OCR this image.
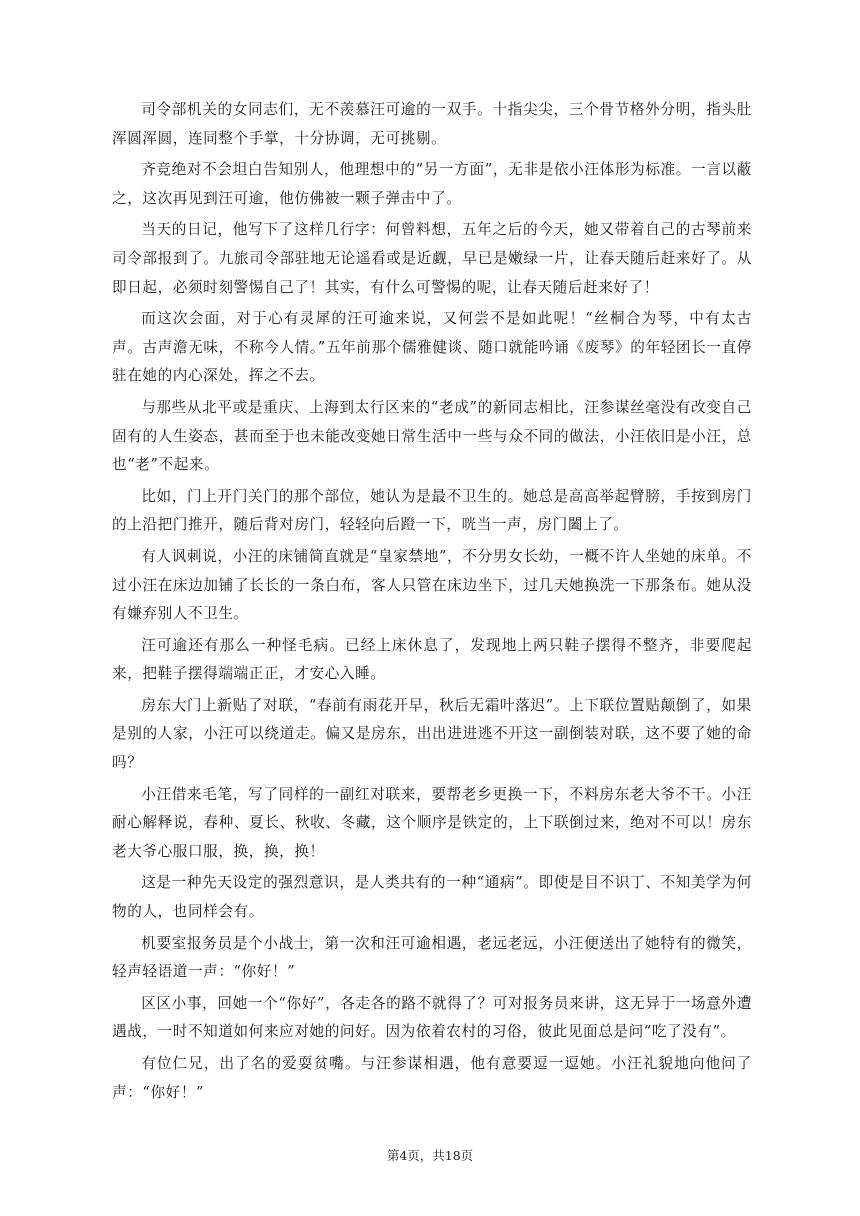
司令部机关的女同志们，无不羡慕汪可逾的一双手。十指尖尖，三个骨节格外分明，指头肚浑圆浑圆，连同整个手掌，十分协调，无可挑剔。

齐竞绝对不会坦白告知别人，他理想中的“另一方面”，无非是依小汪体形为标准。一言以蔽之，这次再见到汪可逾，他仿佛被一颗子弹击中了。

当天的日记，他写下了这样几行字：何曾料想，五年之后的今天，她又带着自己的古琴前来司令部报到了。九旅司令部驻地无论遥看或是近觑，早已是嫩绿一片，让春天随后赶来好了。从即日起，必须时刻警惕自己了！其实，有什么可警惕的呢，让春天随后赶来好了！

而这次会面，对于心有灵犀的汪可逾来说，又何尝不是如此呢！“丝桐合为琴，中有太古声。古声澹无味，不称今人情。”五年前那个儒雅健谈、随口就能吟诵《废琴》的年轻团长一直停驻在她的内心深处，挥之不去。

与那些从北平或是重庆、上海到太行区来的“老成”的新同志相比，汪参谋丝毫没有改变自己固有的人生姿态，甚而至于也未能改变她日常生活中一些与众不同的做法，小汪依旧是小汪，总也“老”不起来。

比如，门上开门关门的那个部位，她认为是最不卫生的。她总是高高举起臂膀，手按到房门的上沿把门推开，随后背对房门，轻轻向后蹬一下，咣当一声，房门闔上了。

有人讽刺说，小汪的床铺简直就是“皇家禁地”，不分男女长幼，一概不许人坐她的床单。不过小汪在床边加铺了长长的一条白布，客人只管在床边坐下，过几天她换洗一下那条布。她从没有嫌弃别人不卫生。

汪可逾还有那么一种怪毛病。已经上床休息了，发现地上两只鞋子摆得不整齐，非要爬起来，把鞋子摆得端端正正，才安心入睡。

房东大门上新贴了对联，“春前有雨花开早，秋后无霜叶落迟”。上下联位置贴颠倒了，如果是别的人家，小汪可以绕道走。偏又是房东，出出进进逃不开这一副倒装对联，这不要了她的命吗？

小汪借来毛笔，写了同样的一副红对联来，要帮老乡更换一下，不料房东老大爷不干。小汪耐心解释说，春种、夏长、秋收、冬藏，这个顺序是铁定的，上下联倒过来，绝对不可以！房东老大爷心服口服，换，换，换！

这是一种先天设定的强烈意识，是人类共有的一种“通病”。即使是目不识丁、不知美学为何物的人，也同样会有。

机要室报务员是个小战士，第一次和汪可逾相遇，老远老远，小汪便送出了她特有的微笑，轻声轻语道一声：“你好！”

区区小事，回她一个“你好”，各走各的路不就得了？可对报务员来讲，这无异于一场意外遭遇战，一时不知道如何来应对她的问好。因为依着农村的习俗，彼此见面总是问“吃了没有”。

有位仁兄，出了名的爱耍贫嘴。与汪参谋相遇，他有意要逗一逗她。小汪礼貌地向他问了声：“你好！”

第4页，共18页
